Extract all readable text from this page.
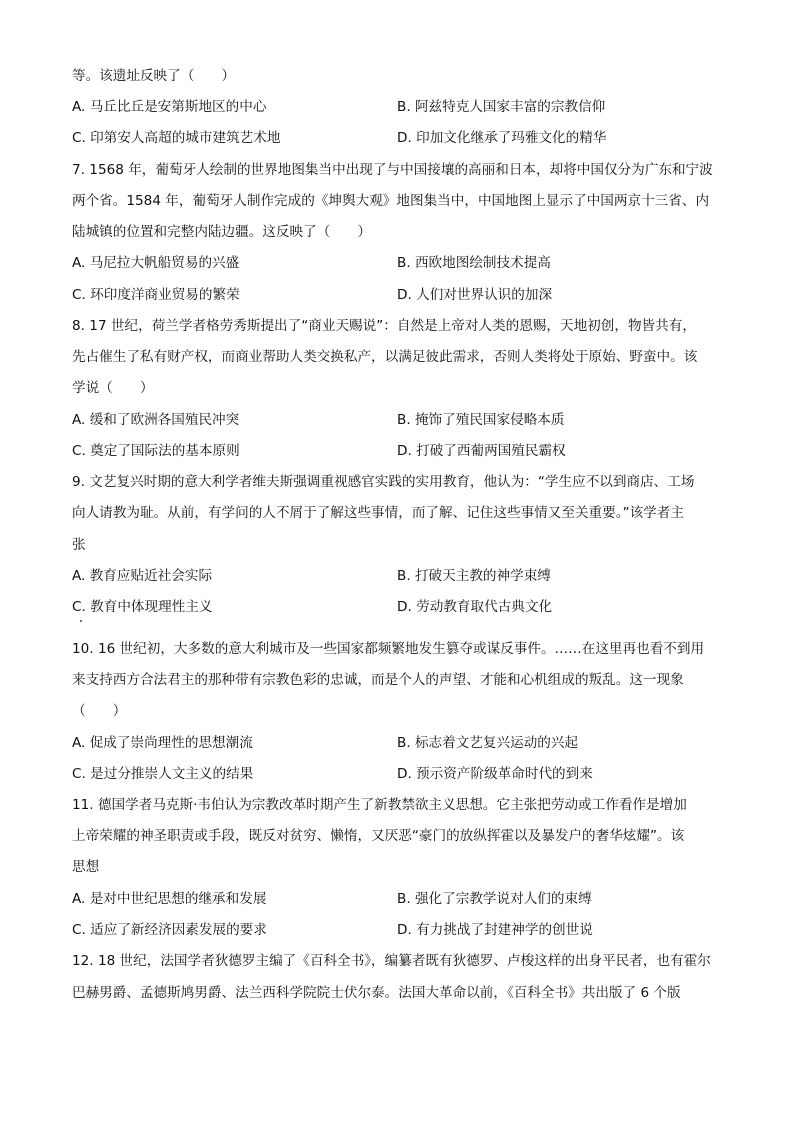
等。该遗址反映了（　　）
A. 马丘比丘是安第斯地区的中心	B. 阿兹特克人国家丰富的宗教信仰
C. 印第安人高超的城市建筑艺术地	D. 印加文化继承了玛雅文化的精华
7. 1568 年，葡萄牙人绘制的世界地图集当中出现了与中国接壤的高丽和日本，却将中国仅分为广东和宁波
两个省。1584 年，葡萄牙人制作完成的《坤舆大观》地图集当中，中国地图上显示了中国两京十三省、内
陆城镇的位置和完整内陆边疆。这反映了（　　）
A. 马尼拉大帆船贸易的兴盛	B. 西欧地图绘制技术提高
C. 环印度洋商业贸易的繁荣	D. 人们对世界认识的加深
8. 17 世纪，荷兰学者格劳秀斯提出了“商业天赐说”：自然是上帝对人类的恩赐，天地初创，物皆共有，
先占催生了私有财产权，而商业帮助人类交换私产，以满足彼此需求，否则人类将处于原始、野蛮中。该
学说（　　）
A. 缓和了欧洲各国殖民冲突	B. 掩饰了殖民国家侵略本质
C. 奠定了国际法的基本原则	D. 打破了西葡两国殖民霸权
9. 文艺复兴时期的意大利学者维夫斯强调重视感官实践的实用教育，他认为：“学生应不以到商店、工场
向人请教为耻。从前，有学问的人不屑于了解这些事情，而了解、记住这些事情又至关重要。”该学者主
张
A. 教育应贴近社会实际	B. 打破天主教的神学束缚
C. 教育中体现理性主义	D. 劳动教育取代古典文化
10. 16 世纪初，大多数的意大利城市及一些国家都频繁地发生篡夺或谋反事件。……在这里再也看不到用
来支持西方合法君主的那种带有宗教色彩的忠诚，而是个人的声望、才能和心机组成的叛乱。这一现象
（　　）
A. 促成了崇尚理性的思想潮流	B. 标志着文艺复兴运动的兴起
C. 是过分推崇人文主义的结果	D. 预示资产阶级革命时代的到来
11. 德国学者马克斯·韦伯认为宗教改革时期产生了新教禁欲主义思想。它主张把劳动或工作看作是增加
上帝荣耀的神圣职责或手段，既反对贫穷、懒惰，又厌恶“豪门的放纵挥霍以及暴发户的奢华炫耀”。该
思想
A. 是对中世纪思想的继承和发展	B. 强化了宗教学说对人们的束缚
C. 适应了新经济因素发展的要求	D. 有力挑战了封建神学的创世说
12. 18 世纪，法国学者狄德罗主编了《百科全书》，编纂者既有狄德罗、卢梭这样的出身平民者，也有霍尔
巴赫男爵、孟德斯鸠男爵、法兰西科学院院士伏尔泰。法国大革命以前，《百科全书》共出版了 6 个版
